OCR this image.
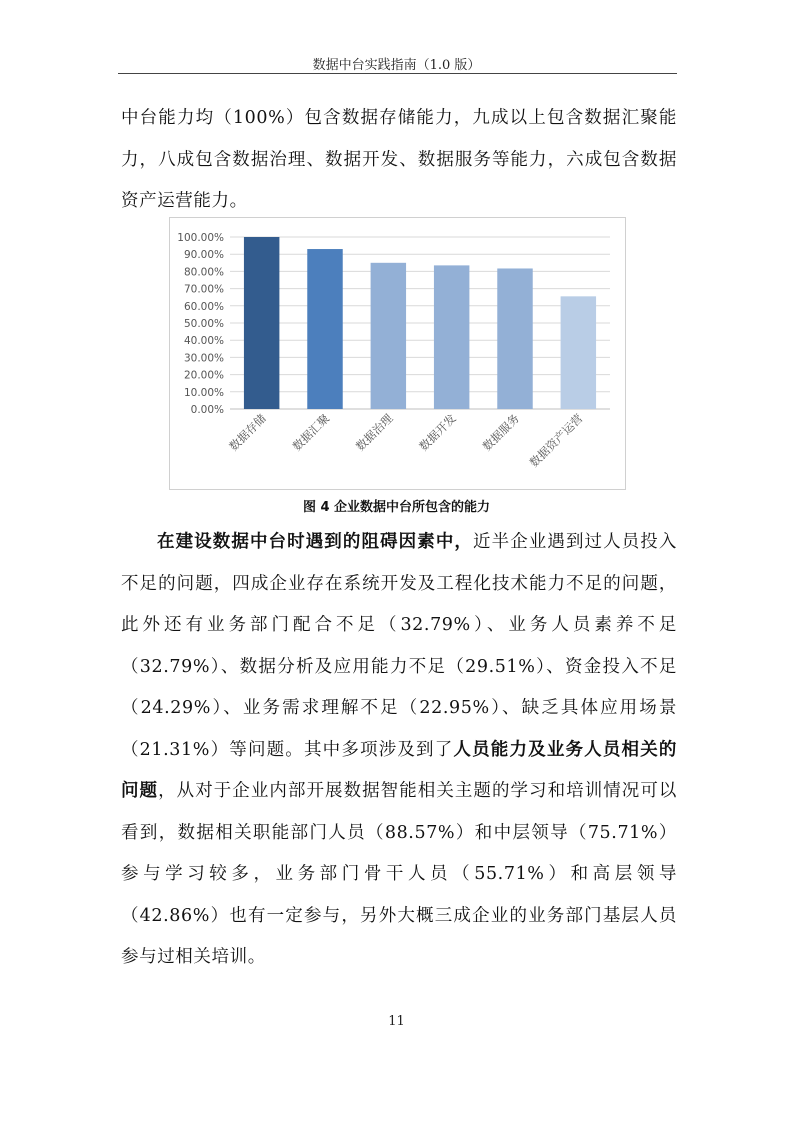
数据中台实践指南（1.0 版）

中台能力均（100%）包含数据存储能力，九成以上包含数据汇聚能力，八成包含数据治理、数据开发、数据服务等能力，六成包含数据资产运营能力。

0.00%
10.00%
20.00%
30.00%
40.00%
50.00%
60.00%
70.00%
80.00%
90.00%
100.00%
数据存储 数据汇聚 数据治理 数据开发 数据服务 数据资产运营
图 4 企业数据中台所包含的能力

在建设数据中台时遇到的阻碍因素中，近半企业遇到过人员投入不足的问题，四成企业存在系统开发及工程化技术能力不足的问题，此外还有业务部门配合不足（32.79%）、业务人员素养不足（32.79%）、数据分析及应用能力不足（29.51%）、资金投入不足（24.29%）、业务需求理解不足（22.95%）、缺乏具体应用场景（21.31%）等问题。其中多项涉及到了人员能力及业务人员相关的问题，从对于企业内部开展数据智能相关主题的学习和培训情况可以看到，数据相关职能部门人员（88.57%）和中层领导（75.71%）参与学习较多，业务部门骨干人员（55.71%）和高层领导（42.86%）也有一定参与，另外大概三成企业的业务部门基层人员参与过相关培训。

11
